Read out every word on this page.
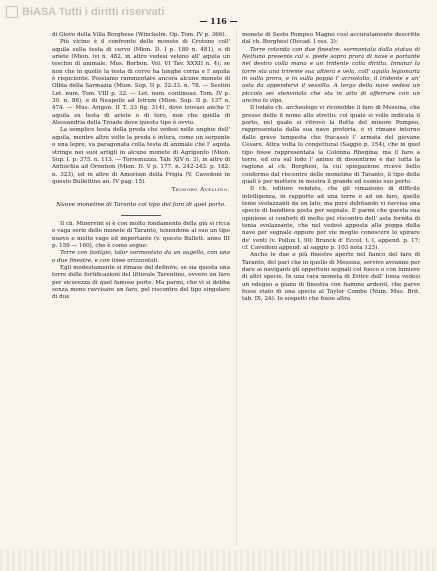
BiASA Tutti i diritti riservati
— 116 —

di Giove della Villa Borghese (Winckelm. Op. Tom. IV p. 366).

Più vicino è il confronto delle monete di Crotone coll' aquila sulla testa di cervo (Mion. D. I p. 189 n. 481), o di ariete (Mion. ivi n. 482. in altro vedesi veleno all' aquila un teschio di animale. Mus. Borbon. Vol. VI Tav. XXXII n. 4); se non che in quelle la testa di cervo ha lunghe corna e l' aquila è rispiciente. Possiamo rammentare ancora alcune monete di Olbia della Sarmazia (Mion. Sup. II p. 32-33. n. 78. — Sestini Let. num. Tom. VIII p. 32. — Let. num. continuaz. Tom. IV p. 30. n. 86), e di Neapolis ad Istrum (Mion. Sup. II p. 137 n. 474. — Mus. Arigon. II T. 33 fig. 314), dove trovasi anche l' aquila su testa di ariete o di toro, non che quella di Alessandria della Troade dove questo tipo è ovvio.

La semplice testa della preda che vedesi nelle unghie dell' aquila, mentre altre volte la preda è intera, come un serpente o una lepre, va paragonata colla testa di animale che l' aquila stringe nei suoi artigli in alcune monete di Agrigento (Mion. Sup. I. p. 375. n. 113. — Torremuzza. Tab. XIV n. 3), in altre di Antiochia ad Orontem (Mion. D. V p. 177. n. 242-243. p. 182. n. 323), ed in altre di Amorium della Frigia (V. Cavedoni in questo Bullettino an. IV pag. 15).

Teodoro Avellino.
Nuove monetine di Taranto col tipo del faro di quel porto.

Il ch. Minervini si è con molto fondamento della già sì ricca e vaga serie delle monete di Taranto, tenendone al suo un tipo nuovo e molto vago ed importante (v. questo Bullett. anno III p. 159 — 160), che è come segue:

Torre con fastigio, talor sormontato da un augello, con una o due finestre, e con linee orizzontali.

Egli modestamente si rimase dal definire, se sia questa una torre delle fortificazioni del littorale Tarentino, ovvero un faro per sicurezza di quel famoso porto. Ma parmi, che vi si debba senza meno ravvisare un faro, pel riscontro del tipo singolare di due

monete di Sesto Pompeo Magno così accuratamente descritte dal ch. Borghesi (Decad. I oss. 3):

Torre rotonda con due finestre, sormontata dalla statua di Nettuno presente col s. piede sopra prora di nave e portante nel destro colla mano e un tridente colla diritta. Innanzi la torre sta una trireme sua altiera e vela, coll' aquila legionaria in sulla prora, e in sulla poppa l' acrostolio, il tridente e un' asta da appendervi il vessillo. A tergo della nave vedesi un piccolo sei stenvinolo che sta in atto di afferrare con un uncino la vipa.

Il lodato ch. archeologo vi riconobbe il faro di Messina, che presso delle il nome allo stretto; col quale si volle indicata il porto, nel quale si ritrovò la flotta del minore Pompeo, rappresentata dalla sua nave pretoria, e vi rimane intorno dalle grave tempesta che fracassò l' armata del giovane Cesare. Altra volta lo congetturai (Saggio p. 154), che in quel tipo fosse rappresentata la Colonna Rhegina; ma il faro a torre, ed ora sul lodo l' animo di dissentirne e dar tutta la ragione al ch. Borghesi, la cui spiegazione riceve bello confermo dal riscontro delle monetine di Taranto, il tipo delle quali è per mettere in mostra il grande ed esimio suo porto.

Il ch. editore renduto, che gli rimaziono di difficile intelligenza, in rapporto ad una torre o ad un faro, quelle tenie svolazzanti da un lato; ma pure dubitando vi ravvisa una specie di bandiera posta per segnale. E parmi che questa sua opinione si conforti di molto pel riscontro dell' asta fornita di tenia svolazzante, che nel vedesi apposta alla poppa della nave per segnale oppure per vie meglio conoscere lo spirare de' venti (v. Pollux I, 90; Brunck d' Eccol. t. I, append. p. 17; cf. Cavedoni append. al saggio p. 103 nota 123).

Anche le due o più finestre aperte nel fianco del faro di Taranto, del pari che in quello di Messina, servivo avranno per dare ai naviganti gli opportuni segnali col fuoco e con lumiere di altri specie. In una rara moneta di Eritre dell' Ionia vedesi un edeguo a piano di finestra con fiamme ardenti, che parve fosse stato di una specie al Taylor Combe (Num. Mus. Brit. tab. IX, 24). Io sospetti che fosse altra
